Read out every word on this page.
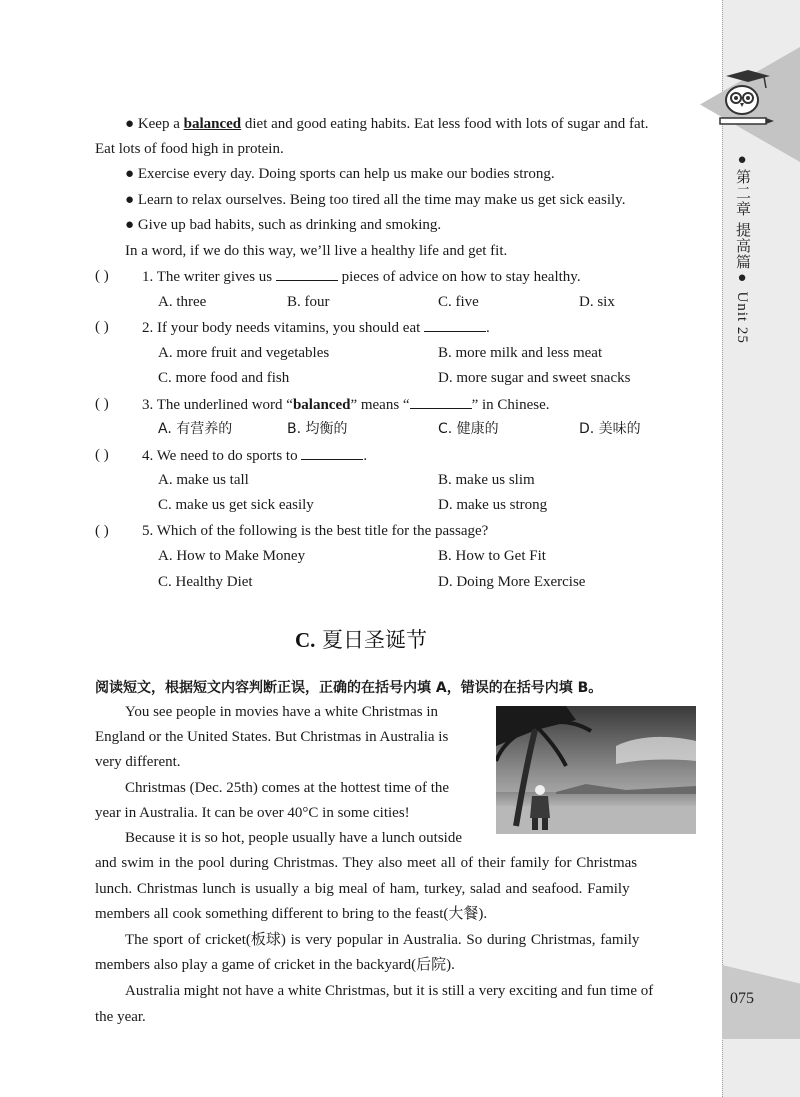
●第二章 提高篇● Unit 25
075
● Keep a balanced diet and good eating habits. Eat less food with lots of sugar and fat.
Eat lots of food high in protein.
● Exercise every day. Doing sports can help us make our bodies strong.
● Learn to relax ourselves. Being too tired all the time may make us get sick easily.
● Give up bad habits, such as drinking and smoking.
In a word, if we do this way, we’ll live a healthy life and get fit.
( ) 1. The writer gives us	pieces of advice on how to stay healthy.
A. three	B. four	C. five	D. six
( ) 2. If your body needs vitamins, you should eat	.
A. more fruit and vegetables	B. more milk and less meat
C. more food and fish	D. more sugar and sweet snacks
( ) 3. The underlined word “balanced” means “	” in Chinese.
A. 有营养的	B. 均衡的	C. 健康的	D. 美味的
( ) 4. We need to do sports to	.
A. make us tall	B. make us slim
C. make us get sick easily	D. make us strong
( ) 5. Which of the following is the best title for the passage?
A. How to Make Money	B. How to Get Fit
C. Healthy Diet	D. Doing More Exercise
C. 夏日圣诞节
阅读短文，根据短文内容判断正误，正确的在括号内填 A，错误的在括号内填 B。
You see people in movies have a white Christmas in
England or the United States. But Christmas in Australia is
very different.
Christmas (Dec. 25th) comes at the hottest time of the
year in Australia. It can be over 40°C in some cities!
Because it is so hot, people usually have a lunch outside
and swim in the pool during Christmas. They also meet all of their family for Christmas
lunch. Christmas lunch is usually a big meal of ham, turkey, salad and seafood. Family
members all cook something different to bring to the feast(大餐).
The sport of cricket(板球) is very popular in Australia. So during Christmas, family
members also play a game of cricket in the backyard(后院).
Australia might not have a white Christmas, but it is still a very exciting and fun time of
the year.
